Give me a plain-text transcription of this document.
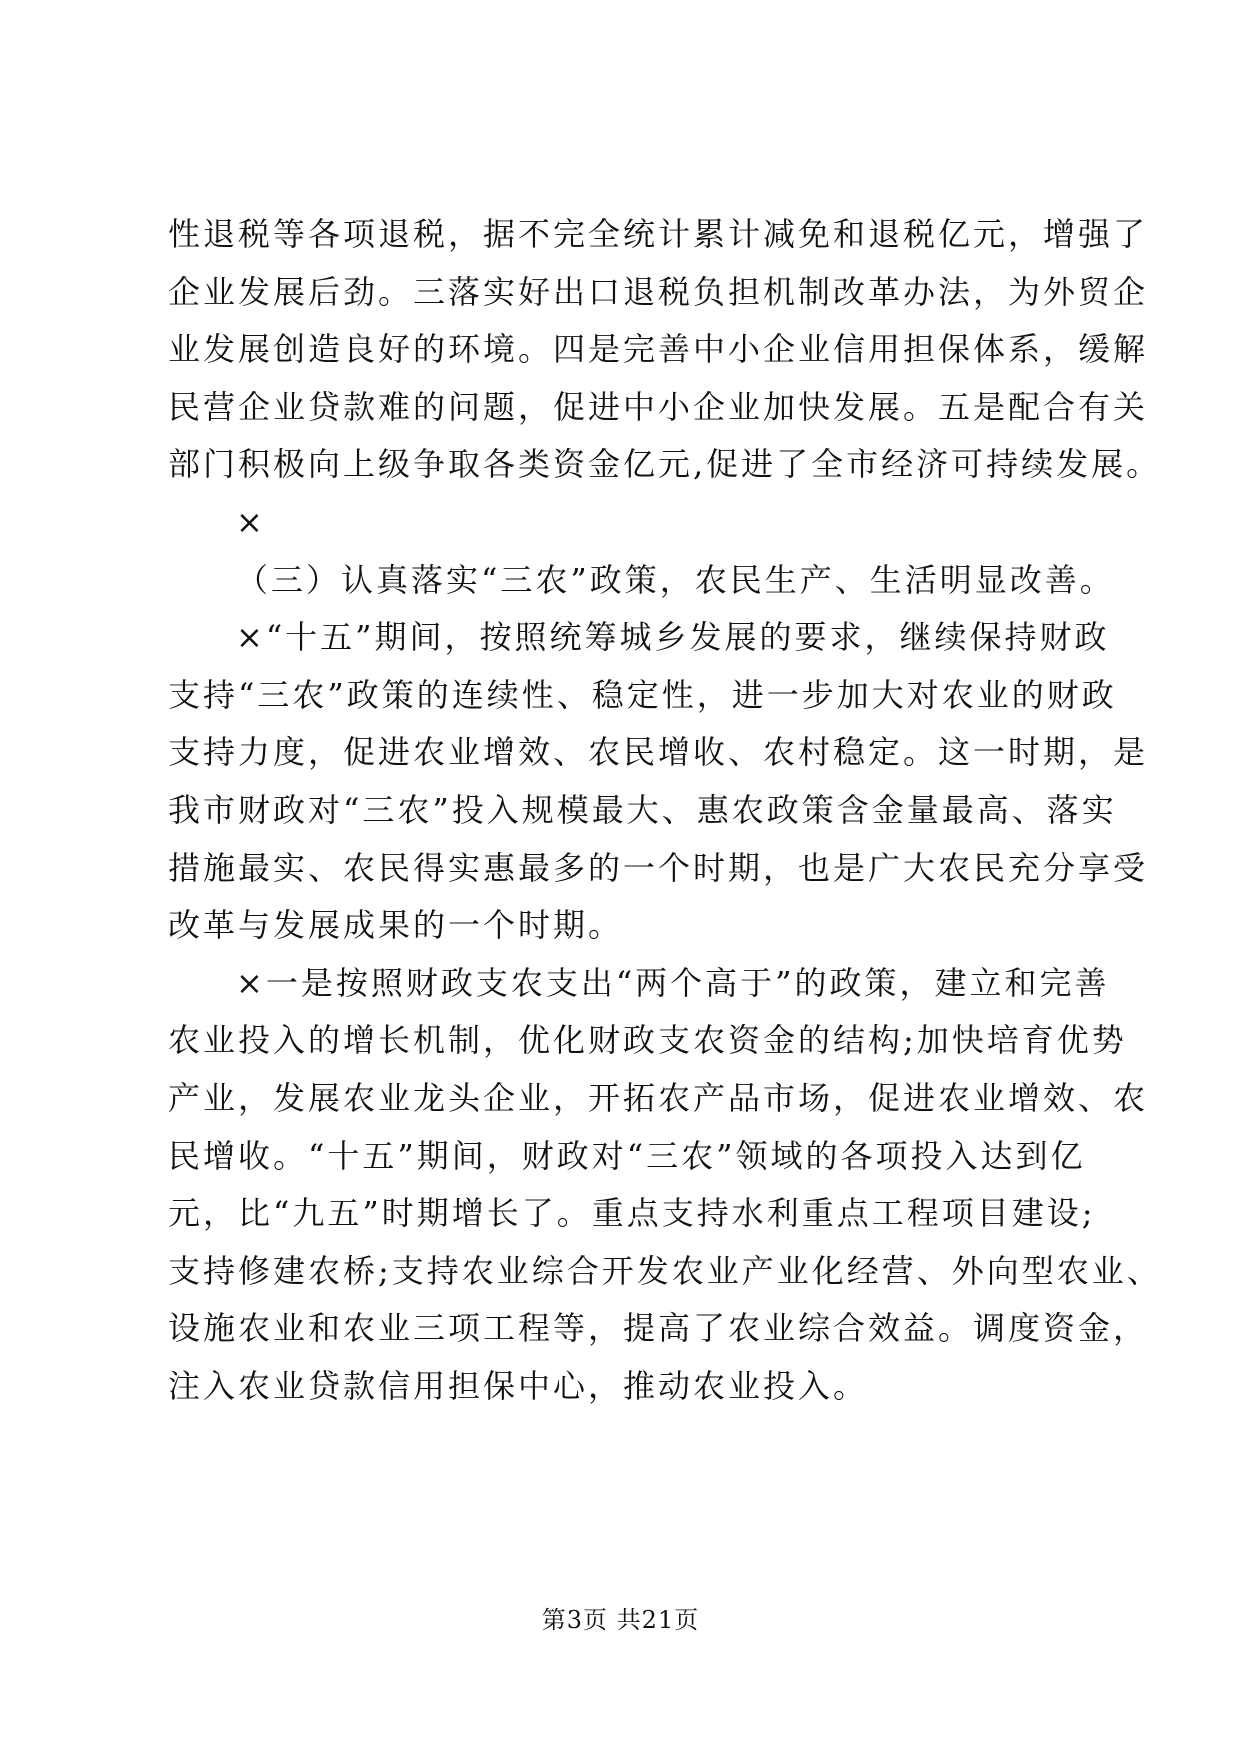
性退税等各项退税，据不完全统计累计减免和退税亿元，增强了
企业发展后劲。三落实好出口退税负担机制改革办法，为外贸企
业发展创造良好的环境。四是完善中小企业信用担保体系，缓解
民营企业贷款难的问题，促进中小企业加快发展。五是配合有关
部门积极向上级争取各类资金亿元,促进了全市经济可持续发展。
×
（三）认真落实“三农”政策，农民生产、生活明显改善。
×“十五”期间，按照统筹城乡发展的要求，继续保持财政
支持“三农”政策的连续性、稳定性，进一步加大对农业的财政
支持力度，促进农业增效、农民增收、农村稳定。这一时期，是
我市财政对“三农”投入规模最大、惠农政策含金量最高、落实
措施最实、农民得实惠最多的一个时期，也是广大农民充分享受
改革与发展成果的一个时期。
×一是按照财政支农支出“两个高于”的政策，建立和完善
农业投入的增长机制，优化财政支农资金的结构;加快培育优势
产业，发展农业龙头企业，开拓农产品市场，促进农业增效、农
民增收。“十五”期间，财政对“三农”领域的各项投入达到亿
元，比“九五”时期增长了。重点支持水利重点工程项目建设;
支持修建农桥;支持农业综合开发农业产业化经营、外向型农业、
设施农业和农业三项工程等，提高了农业综合效益。调度资金，
注入农业贷款信用担保中心，推动农业投入。
第3页 共21页
